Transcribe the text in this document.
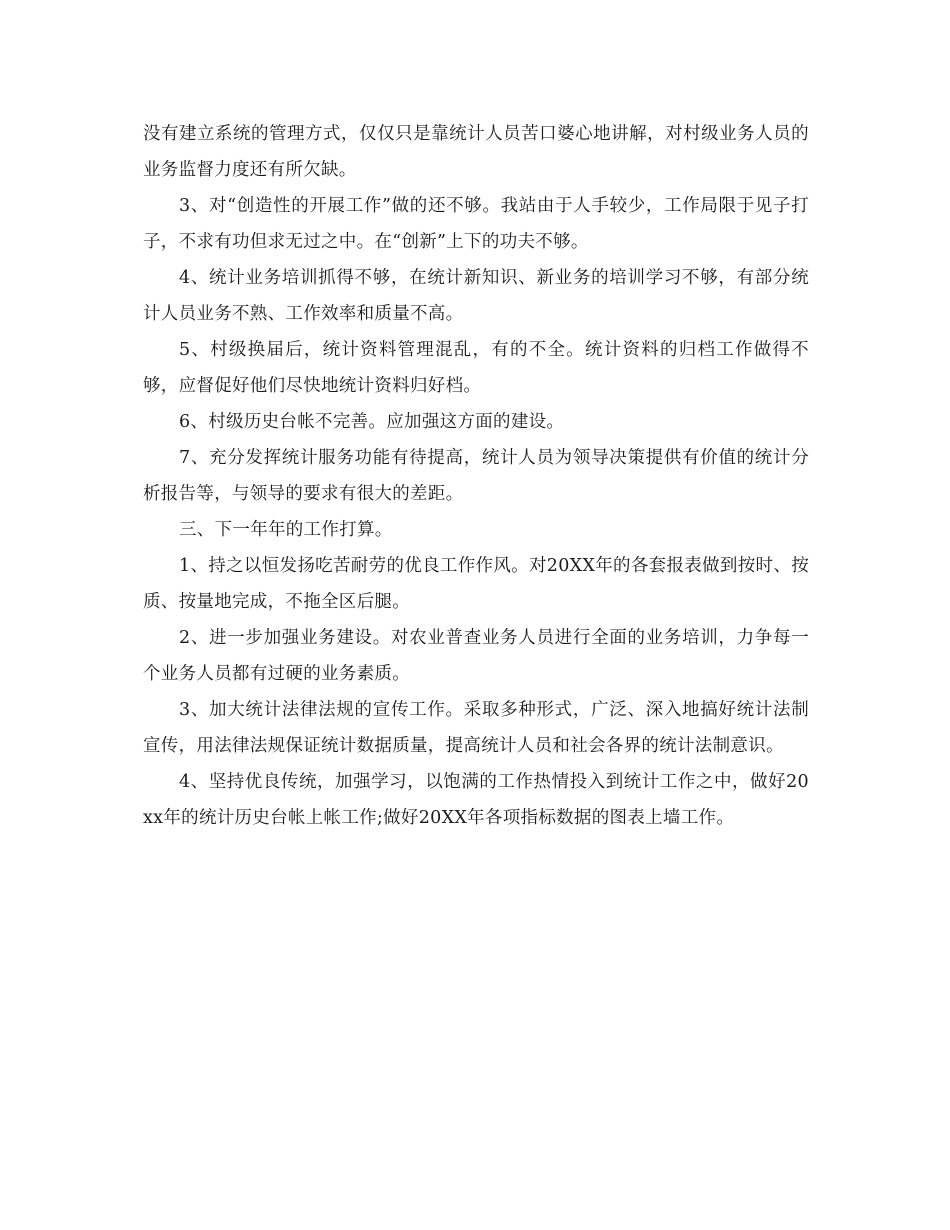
没有建立系统的管理方式，仅仅只是靠统计人员苦口婆心地讲解，对村级业务人员的业务监督力度还有所欠缺。

3、对“创造性的开展工作”做的还不够。我站由于人手较少，工作局限于见子打子，不求有功但求无过之中。在“创新”上下的功夫不够。

4、统计业务培训抓得不够，在统计新知识、新业务的培训学习不够，有部分统计人员业务不熟、工作效率和质量不高。

5、村级换届后，统计资料管理混乱，有的不全。统计资料的归档工作做得不够，应督促好他们尽快地统计资料归好档。

6、村级历史台帐不完善。应加强这方面的建设。

7、充分发挥统计服务功能有待提高，统计人员为领导决策提供有价值的统计分析报告等，与领导的要求有很大的差距。

三、下一年年的工作打算。

1、持之以恒发扬吃苦耐劳的优良工作作风。对20XX年的各套报表做到按时、按质、按量地完成，不拖全区后腿。

2、进一步加强业务建设。对农业普查业务人员进行全面的业务培训，力争每一个业务人员都有过硬的业务素质。

3、加大统计法律法规的宣传工作。采取多种形式，广泛、深入地搞好统计法制宣传，用法律法规保证统计数据质量，提高统计人员和社会各界的统计法制意识。

4、坚持优良传统，加强学习，以饱满的工作热情投入到统计工作之中，做好20xx年的统计历史台帐上帐工作;做好20XX年各项指标数据的图表上墙工作。
